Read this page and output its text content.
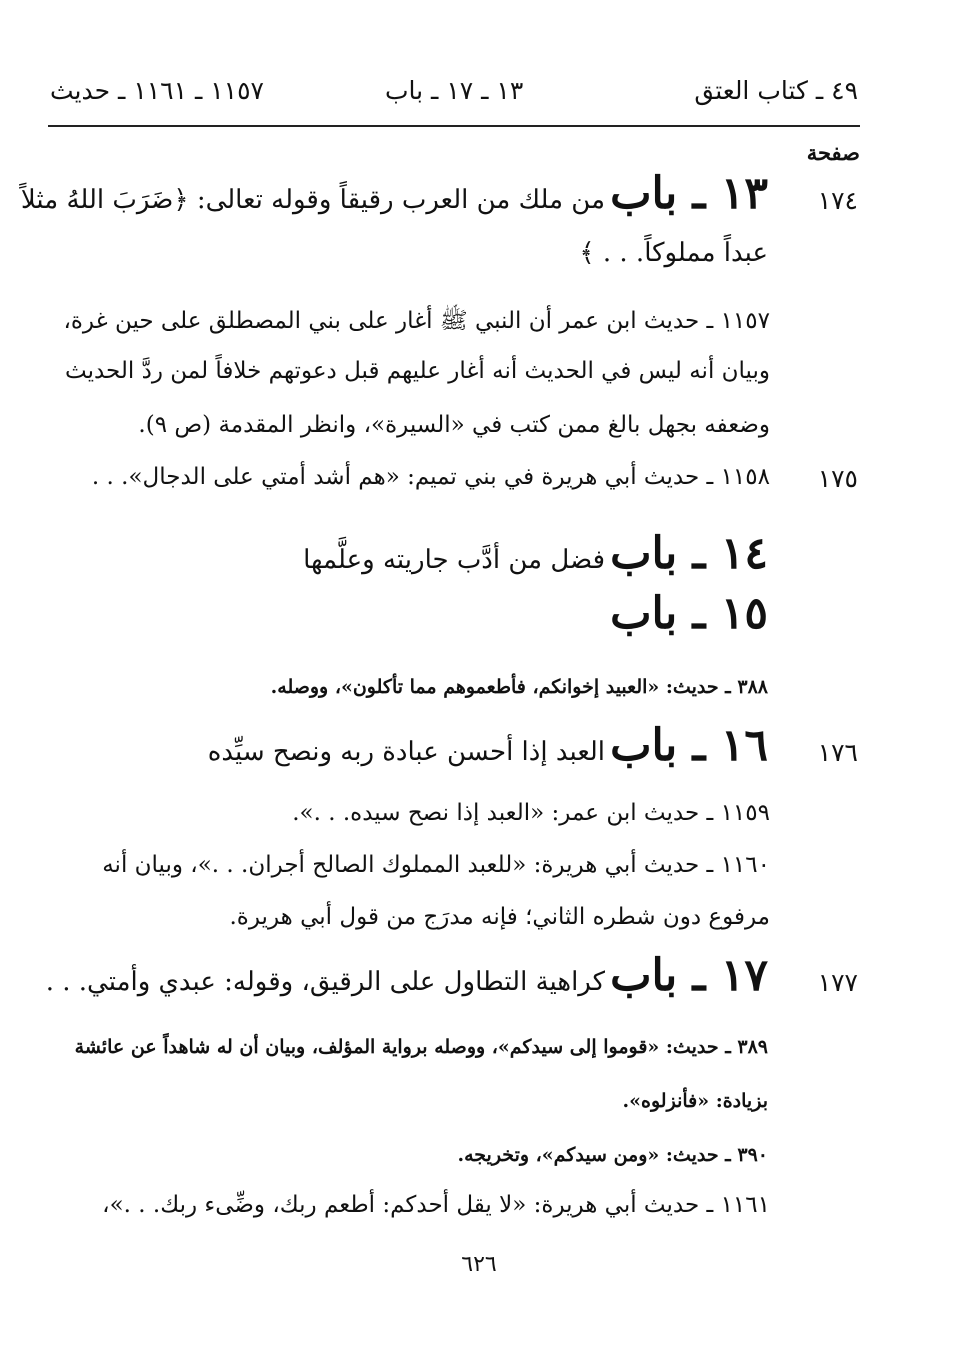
٤٩ ـ كتاب العتق
١٣ ـ ١٧ ـ باب
١١٥٧ ـ ١١٦١ ـ حديث
صفحة
١٧٤
١٣ ـ باب من ملك من العرب رقيقاً وقوله تعالى: ﴿ضَرَبَ اللهُ مثلاً
عبداً مملوكاً. . . ﴾
١١٥٧ ـ حديث ابن عمر أن النبي ﷺ أغار على بني المصطلق على حين غرة،
وبيان أنه ليس في الحديث أنه أغار عليهم قبل دعوتهم خلافاً لمن ردَّ الحديث
وضعفه بجهل بالغ ممن كتب في «السيرة»، وانظر المقدمة (ص ٩).
١٧٥
١١٥٨ ـ حديث أبي هريرة في بني تميم: «هم أشد أمتي على الدجال». . .
١٤ ـ باب فضل من أدَّب جاريته وعلَّمها
١٥ ـ باب
٣٨٨ ـ حديث: «العبيد إخوانكم، فأطعموهم مما تأكلون»، ووصله.
١٧٦
١٦ ـ باب العبد إذا أحسن عبادة ربه ونصح سيِّده
١١٥٩ ـ حديث ابن عمر: «العبد إذا نصح سيده. . .».
١١٦٠ ـ حديث أبي هريرة: «للعبد المملوك الصالح أجران. . .»، وبيان أنه
مرفوع دون شطره الثاني؛ فإنه مدرَج من قول أبي هريرة.
١٧٧
١٧ ـ باب كراهية التطاول على الرقيق، وقوله: عبدي وأمتي. . .
٣٨٩ ـ حديث: «قوموا إلى سيدكم»، ووصله برواية المؤلف، وبيان أن له شاهداً عن عائشة
بزيادة: «فأنزلوه».
٣٩٠ ـ حديث: «ومن سيدكم»، وتخريجه.
١١٦١ ـ حديث أبي هريرة: «لا يقل أحدكم: أطعم ربك، وضِّىء ربك. . .»،
٦٢٦
